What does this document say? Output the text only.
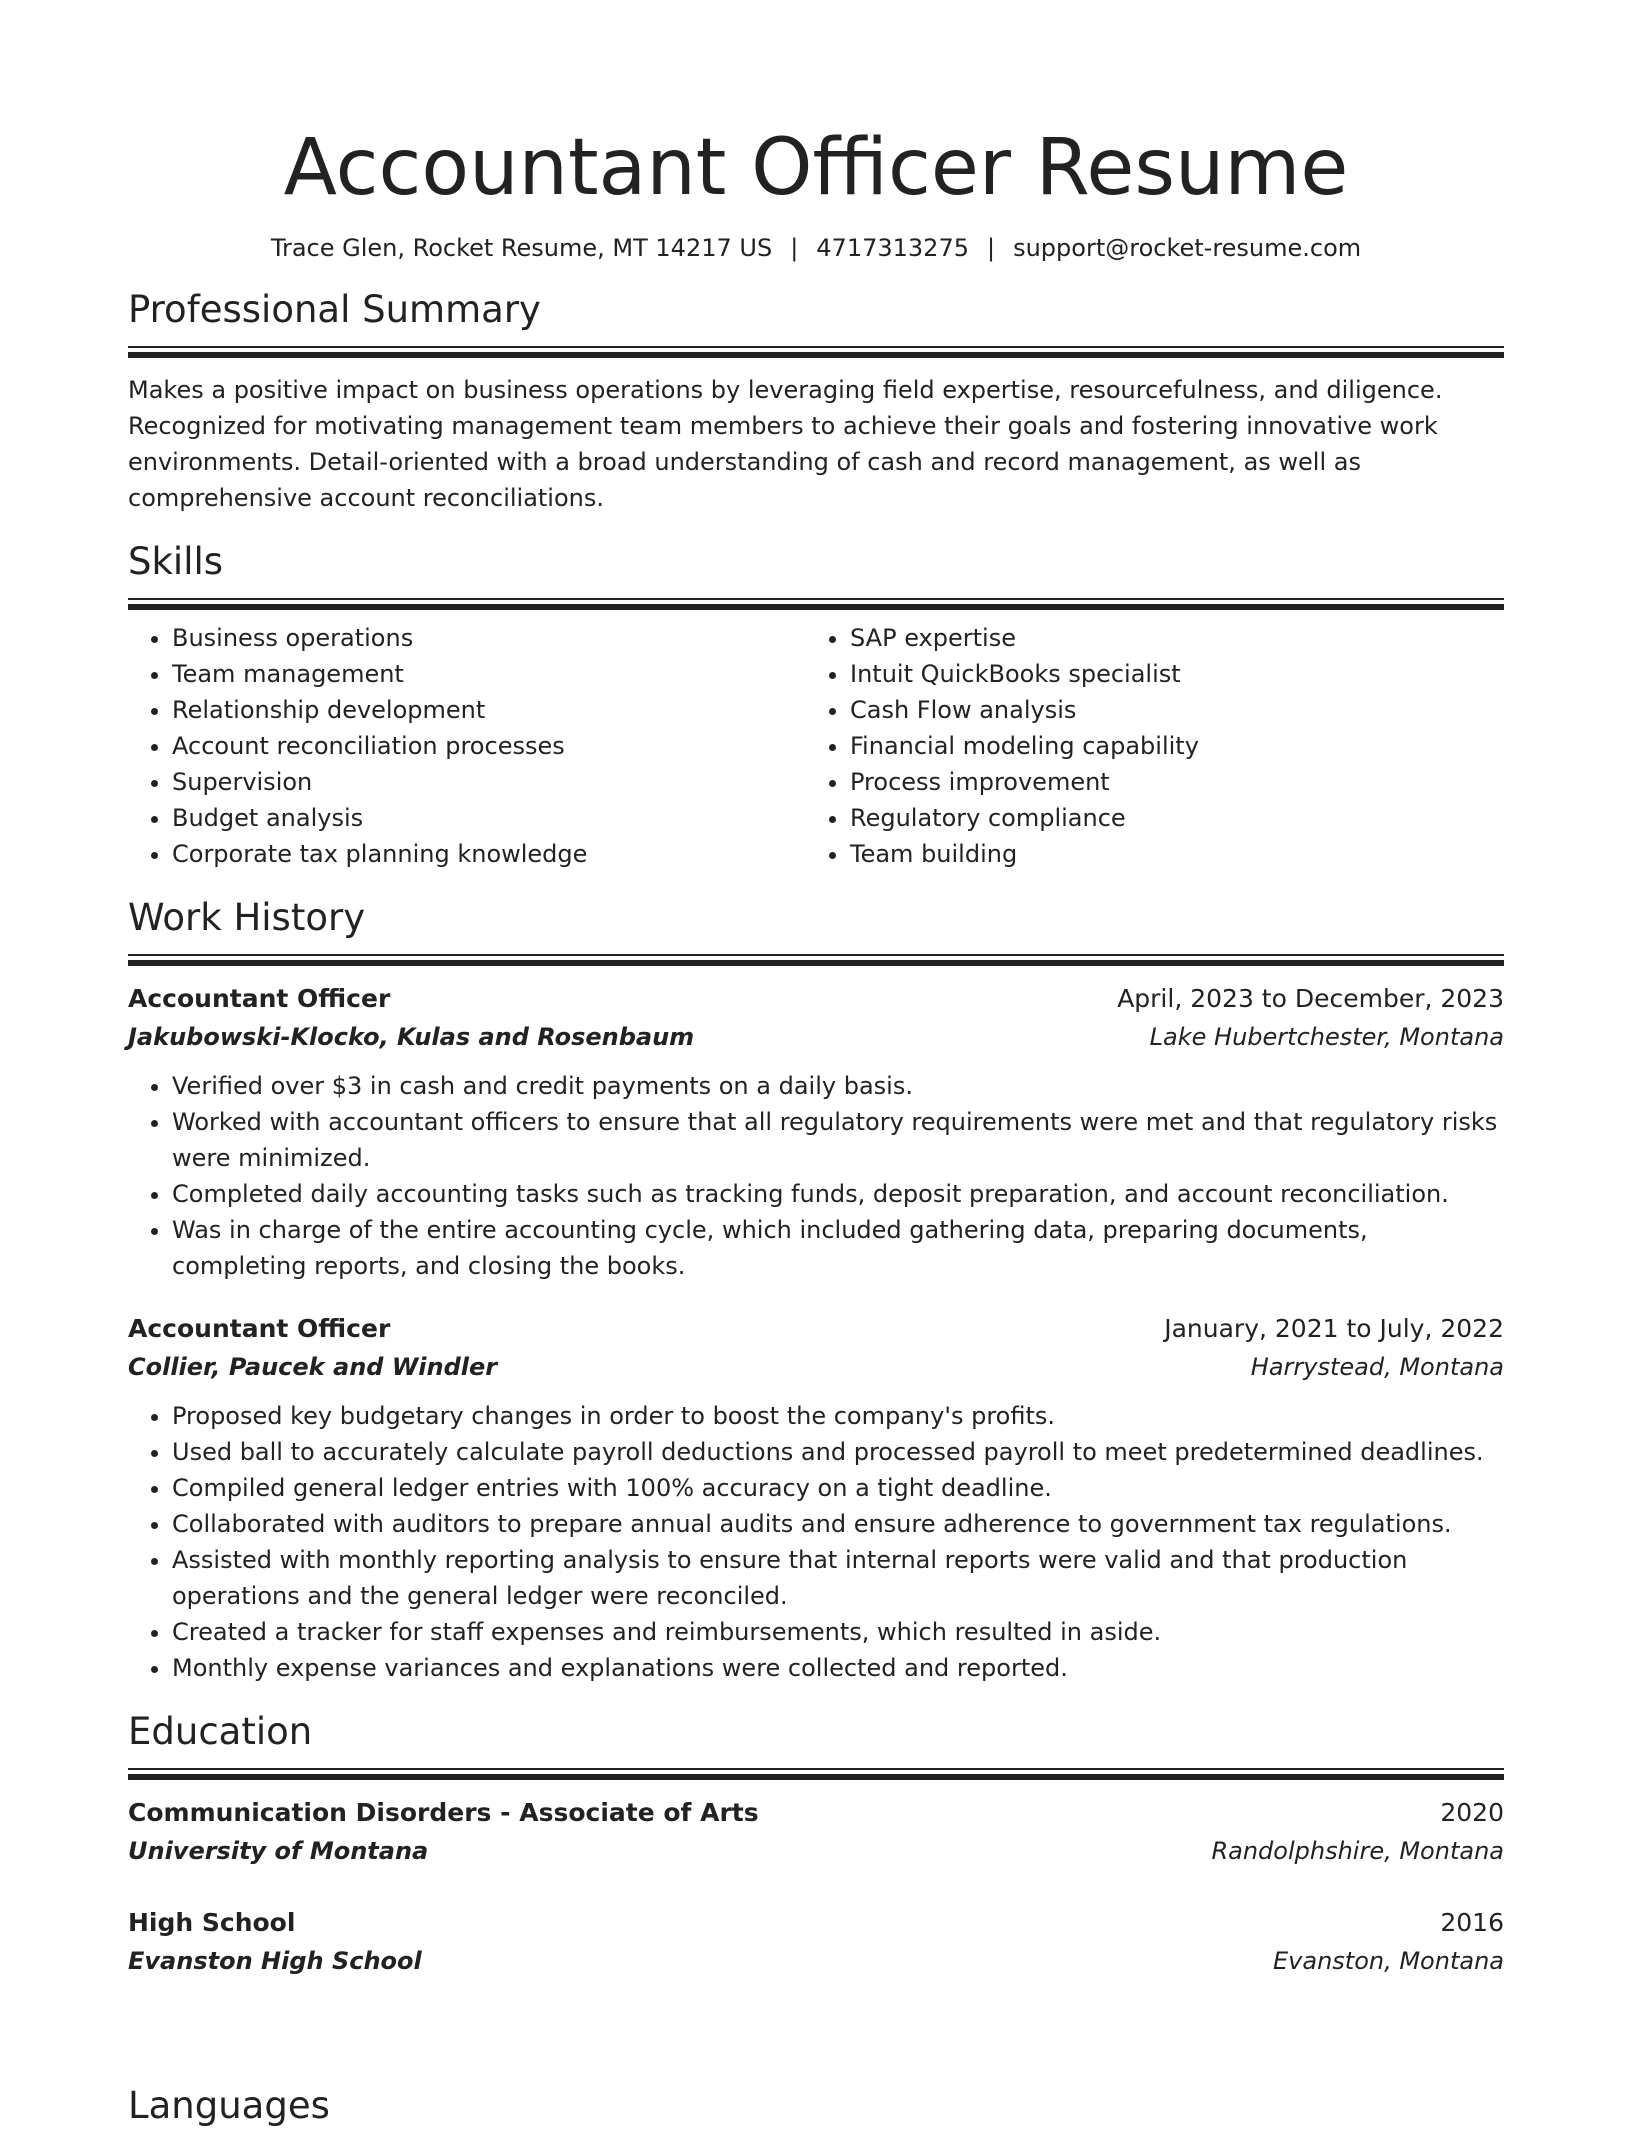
Accountant Officer Resume
Trace Glen, Rocket Resume, MT 14217 US | 4717313275 | support@rocket-resume.com
Professional Summary
Makes a positive impact on business operations by leveraging field expertise, resourcefulness, and diligence. Recognized for motivating management team members to achieve their goals and fostering innovative work environments. Detail-oriented with a broad understanding of cash and record management, as well as comprehensive account reconciliations.
Skills
• Business operations
• Team management
• Relationship development
• Account reconciliation processes
• Supervision
• Budget analysis
• Corporate tax planning knowledge
• SAP expertise
• Intuit QuickBooks specialist
• Cash Flow analysis
• Financial modeling capability
• Process improvement
• Regulatory compliance
• Team building
Work History
Accountant Officer	April, 2023 to December, 2023
Jakubowski-Klocko, Kulas and Rosenbaum	Lake Hubertchester, Montana
• Verified over $3 in cash and credit payments on a daily basis.
• Worked with accountant officers to ensure that all regulatory requirements were met and that regulatory risks were minimized.
• Completed daily accounting tasks such as tracking funds, deposit preparation, and account reconciliation.
• Was in charge of the entire accounting cycle, which included gathering data, preparing documents, completing reports, and closing the books.
Accountant Officer	January, 2021 to July, 2022
Collier, Paucek and Windler	Harrystead, Montana
• Proposed key budgetary changes in order to boost the company's profits.
• Used ball to accurately calculate payroll deductions and processed payroll to meet predetermined deadlines.
• Compiled general ledger entries with 100% accuracy on a tight deadline.
• Collaborated with auditors to prepare annual audits and ensure adherence to government tax regulations.
• Assisted with monthly reporting analysis to ensure that internal reports were valid and that production operations and the general ledger were reconciled.
• Created a tracker for staff expenses and reimbursements, which resulted in aside.
• Monthly expense variances and explanations were collected and reported.
Education
Communication Disorders - Associate of Arts	2020
University of Montana	Randolphshire, Montana
High School	2016
Evanston High School	Evanston, Montana
Languages
